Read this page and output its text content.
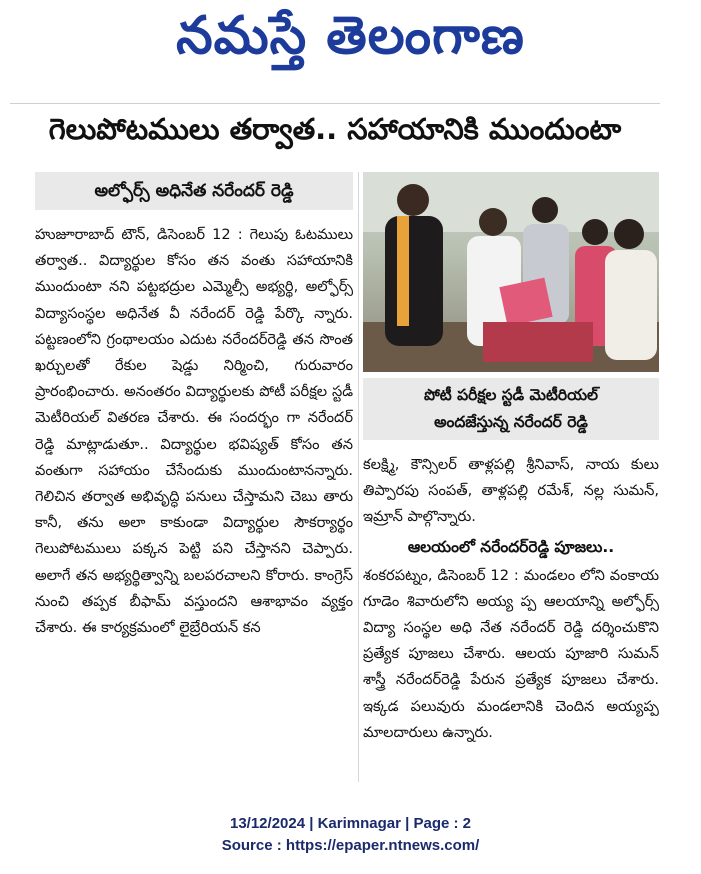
నమస్తే తెలంగాణ
గెలుపోటములు తర్వాత.. సహాయానికి ముందుంటా
అల్ఫోర్స్ అధినేత నరేందర్ రెడ్డి

హుజూరాబాద్ టౌన్, డిసెంబర్ 12 : గెలుపు ఓటములు తర్వాత.. విద్యార్థుల కోసం తన వంతు సహాయానికి ముందుంటా నని పట్టభద్రుల ఎమ్మెల్సీ అభ్యర్థి, అల్ఫోర్స్ విద్యాసంస్థల అధినేత వీ నరేందర్ రెడ్డి పేర్కొ న్నారు. పట్టణంలోని గ్రంథాలయం ఎదుట నరేందర్‌రెడ్డి తన సొంత ఖర్చులతో రేకుల షెడ్డు నిర్మించి, గురువారం ప్రారంభించారు. అనంతరం విద్యార్థులకు పోటీ పరీక్షల స్టడీ మెటీరియల్ వితరణ చేశారు. ఈ సందర్భం గా నరేందర్ రెడ్డి మాట్లాడుతూ.. విద్యార్థుల భవిష్యత్ కోసం తన వంతుగా సహాయం చేసేందుకు ముందుంటానన్నారు. గెలిచిన తర్వాత అభివృద్ధి పనులు చేస్తామని చెబు తారు కానీ, తను అలా కాకుండా విద్యార్థుల సౌకర్యార్థం గెలుపోటములు పక్కన పెట్టి పని చేస్తానని చెప్పారు. అలాగే తన అభ్యర్థిత్వాన్ని బలపరచాలని కోరారు. కాంగ్రెస్ నుంచి తప్పక బీఫామ్ వస్తుందని ఆశాభావం వ్యక్తం చేశారు. ఈ కార్యక్రమంలో లైబ్రేరియన్ కన

పోటీ పరీక్షల స్టడీ మెటీరియల్
అందజేస్తున్న నరేందర్ రెడ్డి

కలక్ష్మి, కౌన్సిలర్ తాళ్లపల్లి శ్రీనివాస్, నాయ కులు తిప్పారపు సంపత్, తాళ్లపల్లి రమేశ్, నల్ల సుమన్, ఇమ్రాన్ పాల్గొన్నారు.

ఆలయంలో నరేందర్‌రెడ్డి పూజలు..

శంకరపట్నం, డిసెంబర్ 12 : మండలం లోని వంకాయ గూడెం శివారులోని అయ్య ప్ప ఆలయాన్ని అల్ఫోర్స్ విద్యా సంస్థల అధి నేత నరేందర్ రెడ్డి దర్శించుకొని ప్రత్యేక పూజలు చేశారు. ఆలయ పూజారి సుమన్ శాస్త్రీ నరేందర్‌రెడ్డి పేరున ప్రత్యేక పూజలు చేశారు. ఇక్కడ పలువురు మండలానికి చెందిన అయ్యప్ప మాలదారులు ఉన్నారు.

13/12/2024 | Karimnagar | Page : 2
Source : https://epaper.ntnews.com/
